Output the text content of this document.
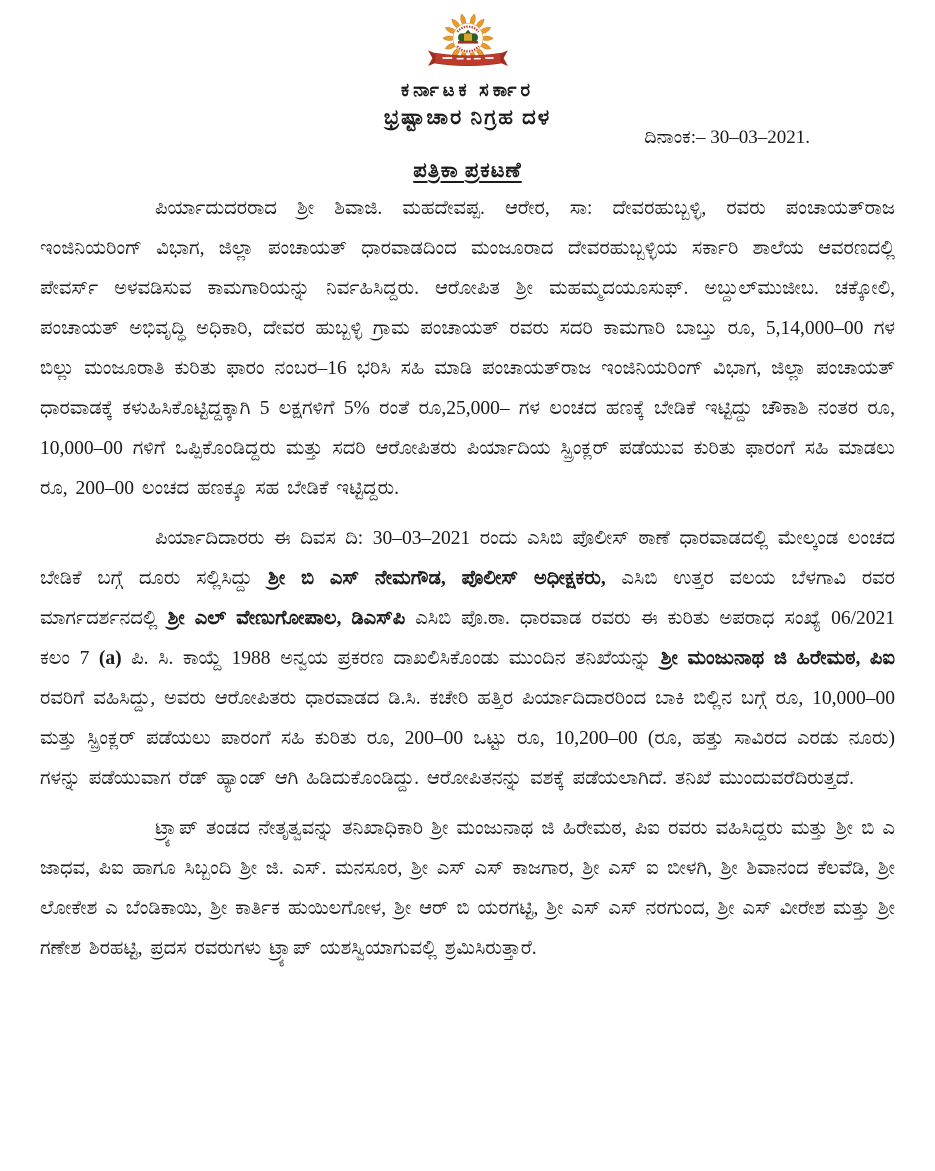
ಕರ್ನಾಟಕ ಸರ್ಕಾರ
ಭ್ರಷ್ಟಾಚಾರ ನಿಗ್ರಹ ದಳ
ದಿನಾಂಕ:– 30–03–2021.
ಪತ್ರಿಕಾ ಪ್ರಕಟಣೆ

ಪಿರ್ಯಾದುದರರಾದ ಶ್ರೀ ಶಿವಾಜಿ. ಮಹದೇವಪ್ಪ. ಆರೇರ, ಸಾ: ದೇವರಹುಬ್ಬಳ್ಳಿ, ರವರು ಪಂಚಾಯತ್‌ರಾಜ ಇಂಜಿನಿಯರಿಂಗ್ ವಿಭಾಗ, ಜಿಲ್ಲಾ ಪಂಚಾಯತ್ ಧಾರವಾಡದಿಂದ ಮಂಜೂರಾದ ದೇವರಹುಬ್ಬಳ್ಳಿಯ ಸರ್ಕಾರಿ ಶಾಲೆಯ ಆವರಣದಲ್ಲಿ ಪೇವರ್ಸ್ ಅಳವಡಿಸುವ ಕಾಮಗಾರಿಯನ್ನು ನಿರ್ವಹಿಸಿದ್ದರು. ಆರೋಪಿತ ಶ್ರೀ ಮಹಮ್ಮದಯೂಸುಫ್. ಅಬ್ದುಲ್‌ಮುಜೀಬ. ಚಕ್ಕೋಲಿ, ಪಂಚಾಯತ್ ಅಭಿವೃದ್ಧಿ ಅಧಿಕಾರಿ, ದೇವರ ಹುಬ್ಬಳ್ಳಿ ಗ್ರಾಮ ಪಂಚಾಯತ್ ರವರು ಸದರಿ ಕಾಮಗಾರಿ ಬಾಬ್ತು ರೂ, 5,14,000–00 ಗಳ ಬಿಲ್ಲು ಮಂಜೂರಾತಿ ಕುರಿತು ಫಾರಂ ನಂಬರ–16 ಭರಿಸಿ ಸಹಿ ಮಾಡಿ ಪಂಚಾಯತ್‌ರಾಜ ಇಂಜಿನಿಯರಿಂಗ್ ವಿಭಾಗ, ಜಿಲ್ಲಾ ಪಂಚಾಯತ್ ಧಾರವಾಡಕ್ಕೆ ಕಳುಹಿಸಿಕೊಟ್ಟಿದ್ದಕ್ಕಾಗಿ 5 ಲಕ್ಷಗಳಿಗೆ 5% ರಂತೆ ರೂ,25,000– ಗಳ ಲಂಚದ ಹಣಕ್ಕೆ ಬೇಡಿಕೆ ಇಟ್ಟಿದ್ದು ಚೌಕಾಶಿ ನಂತರ ರೂ, 10,000–00 ಗಳಿಗೆ ಒಪ್ಪಿಕೊಂಡಿದ್ದರು ಮತ್ತು ಸದರಿ ಆರೋಪಿತರು ಪಿರ್ಯಾದಿಯ ಸ್ಪ್ರಿಂಕ್ಲರ್ ಪಡೆಯುವ ಕುರಿತು ಫಾರಂಗೆ ಸಹಿ ಮಾಡಲು ರೂ, 200–00 ಲಂಚದ ಹಣಕ್ಕೂ ಸಹ ಬೇಡಿಕೆ ಇಟ್ಟಿದ್ದರು.

ಪಿರ್ಯಾದಿದಾರರು ಈ ದಿವಸ ದಿ: 30–03–2021 ರಂದು ಎಸಿಬಿ ಪೊಲೀಸ್ ಠಾಣೆ ಧಾರವಾಡದಲ್ಲಿ ಮೇಲ್ಕಂಡ ಲಂಚದ ಬೇಡಿಕೆ ಬಗ್ಗೆ ದೂರು ಸಲ್ಲಿಸಿದ್ದು ಶ್ರೀ ಬಿ ಎಸ್ ನೇಮಗೌಡ, ಪೊಲೀಸ್ ಅಧೀಕ್ಷಕರು, ಎಸಿಬಿ ಉತ್ತರ ವಲಯ ಬೆಳಗಾವಿ ರವರ ಮಾರ್ಗದರ್ಶನದಲ್ಲಿ ಶ್ರೀ ಎಲ್ ವೇಣುಗೋಪಾಲ, ಡಿಎಸ್‌ಪಿ ಎಸಿಬಿ ಪೊ.ಠಾ. ಧಾರವಾಡ ರವರು ಈ ಕುರಿತು ಅಪರಾಧ ಸಂಖ್ಯೆ 06/2021 ಕಲಂ 7 (a) ಪಿ. ಸಿ. ಕಾಯ್ದೆ 1988 ಅನ್ವಯ ಪ್ರಕರಣ ದಾಖಲಿಸಿಕೊಂಡು ಮುಂದಿನ ತನಿಖೆಯನ್ನು ಶ್ರೀ ಮಂಜುನಾಥ ಜಿ ಹಿರೇಮಠ, ಪಿಐ ರವರಿಗೆ ವಹಿಸಿದ್ದು, ಅವರು ಆರೋಪಿತರು ಧಾರವಾಡದ ಡಿ.ಸಿ. ಕಚೇರಿ ಹತ್ತಿರ ಪಿರ್ಯಾದಿದಾರರಿಂದ ಬಾಕಿ ಬಿಲ್ಲಿನ ಬಗ್ಗೆ ರೂ, 10,000–00 ಮತ್ತು ಸ್ಪ್ರಿಂಕ್ಲರ್ ಪಡೆಯಲು ಪಾರಂಗೆ ಸಹಿ ಕುರಿತು ರೂ, 200–00 ಒಟ್ಟು ರೂ, 10,200–00 (ರೂ, ಹತ್ತು ಸಾವಿರದ ಎರಡು ನೂರು) ಗಳನ್ನು ಪಡೆಯುವಾಗ ರೆಡ್ ಹ್ಯಾಂಡ್ ಆಗಿ ಹಿಡಿದುಕೊಂಡಿದ್ದು. ಆರೋಪಿತನನ್ನು ವಶಕ್ಕೆ ಪಡೆಯಲಾಗಿದೆ. ತನಿಖೆ ಮುಂದುವರೆದಿರುತ್ತದೆ.

ಟ್ರ್ಯಾಪ್ ತಂಡದ ನೇತೃತ್ವವನ್ನು ತನಿಖಾಧಿಕಾರಿ ಶ್ರೀ ಮಂಜುನಾಥ ಜಿ ಹಿರೇಮಠ, ಪಿಐ ರವರು ವಹಿಸಿದ್ದರು ಮತ್ತು ಶ್ರೀ ಬಿ ಎ ಜಾಧವ, ಪಿಐ ಹಾಗೂ ಸಿಬ್ಬಂದಿ ಶ್ರೀ ಜಿ. ಎಸ್. ಮನಸೂರ, ಶ್ರೀ ಎಸ್ ಎಸ್ ಕಾಜಗಾರ, ಶ್ರೀ ಎಸ್ ಐ ಬೀಳಗಿ, ಶ್ರೀ ಶಿವಾನಂದ ಕೆಲವೆಡಿ, ಶ್ರೀ ಲೋಕೇಶ ಎ ಬೆಂಡಿಕಾಯಿ, ಶ್ರೀ ಕಾರ್ತಿಕ ಹುಯಿಲಗೋಳ, ಶ್ರೀ ಆರ್ ಬಿ ಯರಗಟ್ಟಿ, ಶ್ರೀ ಎಸ್ ಎಸ್ ನರಗುಂದ, ಶ್ರೀ ಎಸ್ ವೀರೇಶ ಮತ್ತು ಶ್ರೀ ಗಣೇಶ ಶಿರಹಟ್ಟಿ, ಪ್ರದಸ ರವರುಗಳು ಟ್ರ್ಯಾಪ್ ಯಶಸ್ವಿಯಾಗುವಲ್ಲಿ ಶ್ರಮಿಸಿರುತ್ತಾರೆ.
